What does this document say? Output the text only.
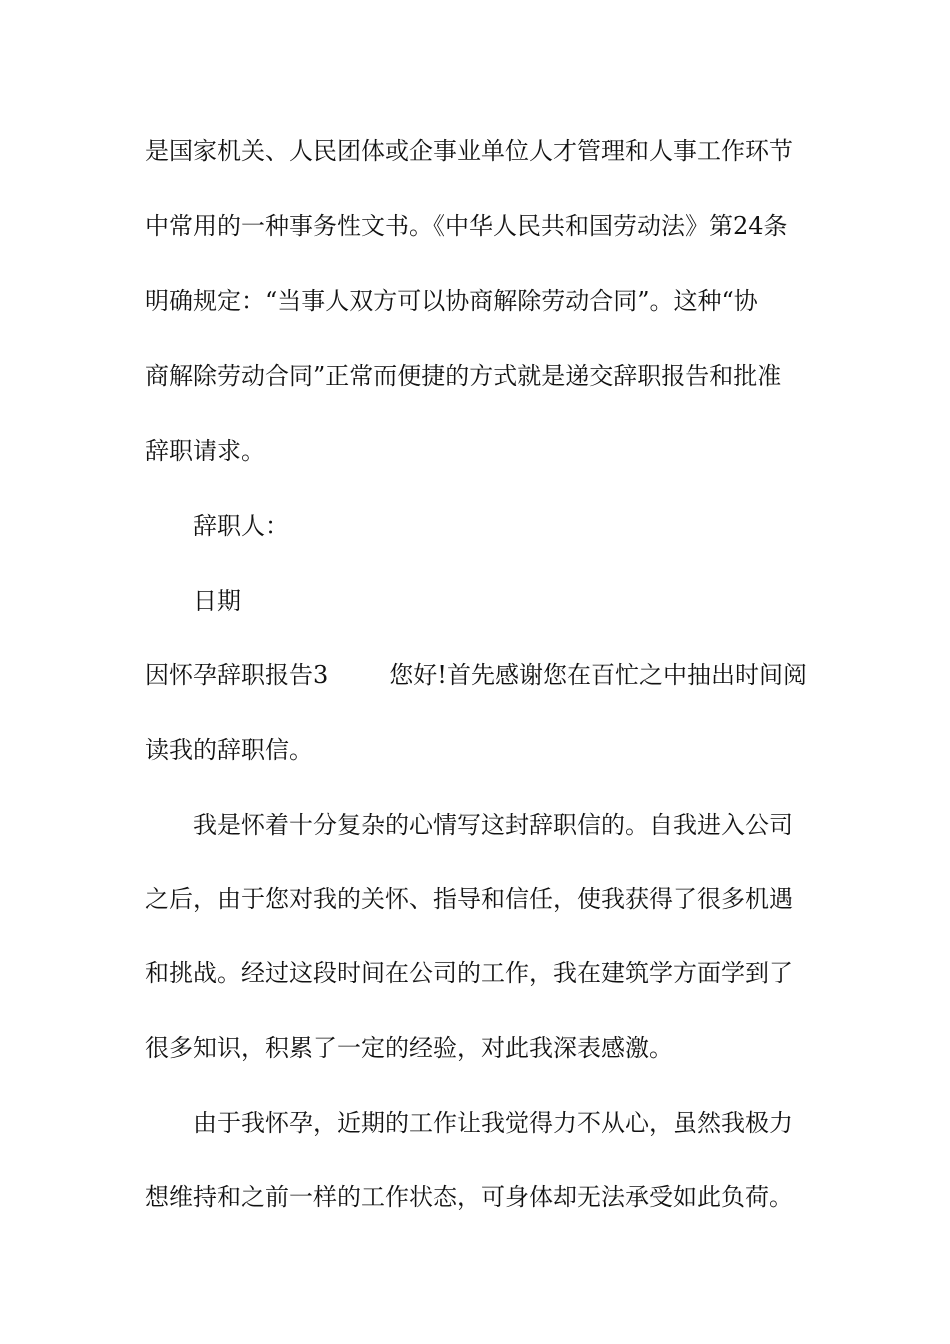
是国家机关、人民团体或企事业单位人才管理和人事工作环节
中常用的一种事务性文书。《中华人民共和国劳动法》第24条
明确规定：“当事人双方可以协商解除劳动合同”。这种“协
商解除劳动合同”正常而便捷的方式就是递交辞职报告和批准
辞职请求。
辞职人：
日期
因怀孕辞职报告3        您好!首先感谢您在百忙之中抽出时间阅
读我的辞职信。
我是怀着十分复杂的心情写这封辞职信的。自我进入公司
之后，由于您对我的关怀、指导和信任，使我获得了很多机遇
和挑战。经过这段时间在公司的工作，我在建筑学方面学到了
很多知识，积累了一定的经验，对此我深表感激。
由于我怀孕，近期的工作让我觉得力不从心，虽然我极力
想维持和之前一样的工作状态，可身体却无法承受如此负荷。
